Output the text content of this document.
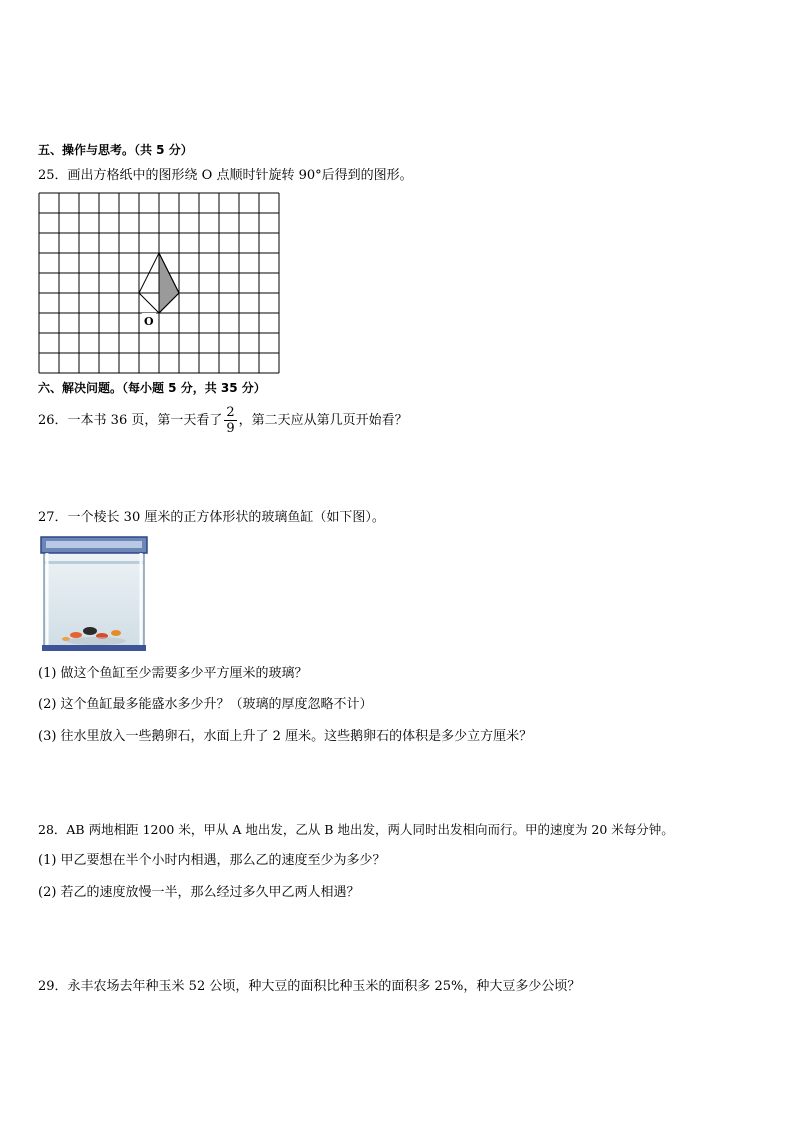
五、操作与思考。（共 5 分）
25．画出方格纸中的图形绕 O 点顺时针旋转 90°后得到的图形。
O
六、解决问题。（每小题 5 分，共 35 分）
26．一本书 36 页，第一天看了 $\frac{2}{9}$ ，第二天应从第几页开始看？
27．一个棱长 30 厘米的正方体形状的玻璃鱼缸（如下图）。
(1) 做这个鱼缸至少需要多少平方厘米的玻璃？
(2) 这个鱼缸最多能盛水多少升？（玻璃的厚度忽略不计）
(3) 往水里放入一些鹅卵石，水面上升了 2 厘米。这些鹅卵石的体积是多少立方厘米？
28．AB 两地相距 1200 米，甲从 A 地出发，乙从 B 地出发，两人同时出发相向而行。甲的速度为 20 米每分钟。
(1) 甲乙要想在半个小时内相遇，那么乙的速度至少为多少？
(2) 若乙的速度放慢一半，那么经过多久甲乙两人相遇？
29．永丰农场去年种玉米 52 公顷，种大豆的面积比种玉米的面积多 25%，种大豆多少公顷？
